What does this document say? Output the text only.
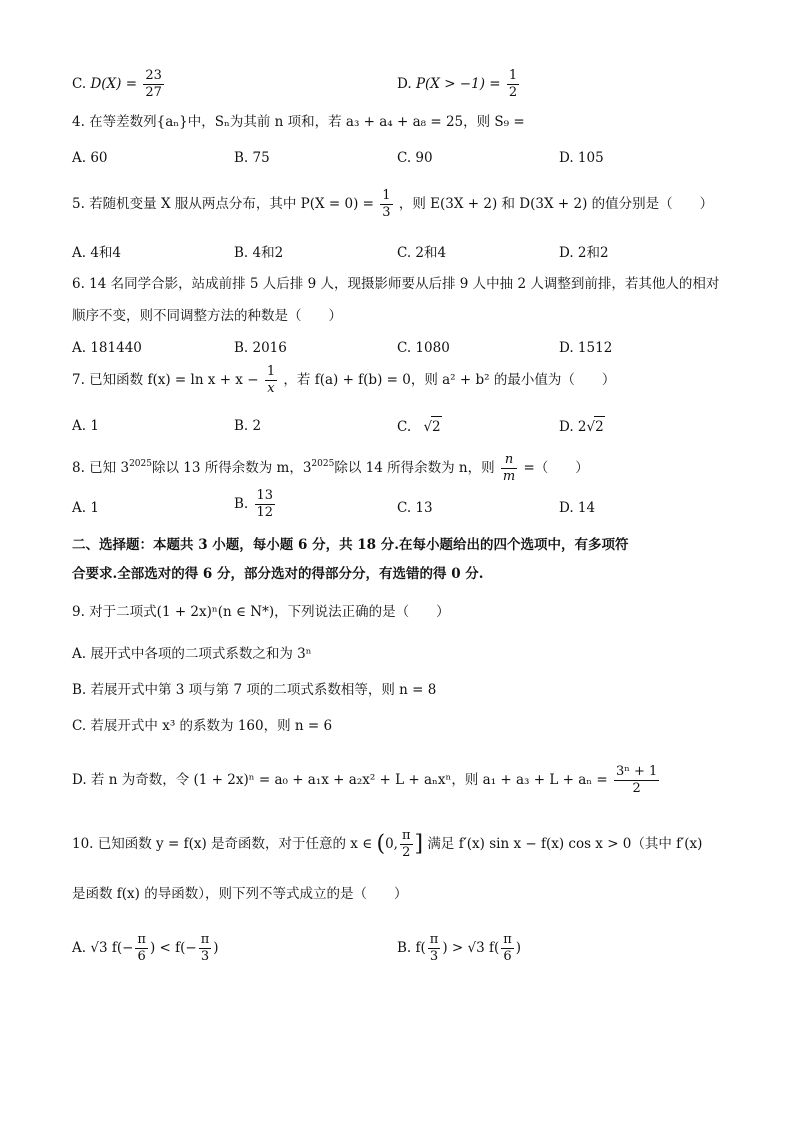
C. $D(X) = \frac{23}{27}$	D. $P(X > -1) = \frac{1}{2}$
4. 在等差数列{aₙ}中，Sₙ为其前 n 项和，若 a₃ + a₄ + a₈ = 25，则 S₉ =
A. 60	B. 75	C. 90	D. 105
5. 若随机变量 X 服从两点分布，其中 $P(X = 0) = \frac{1}{3}$ ，则 E(3X + 2) 和 D(3X + 2) 的值分别是（　　）
A. 4和4	B. 4和2	C. 2和4	D. 2和2
6. 14 名同学合影，站成前排 5 人后排 9 人，现摄影师要从后排 9 人中抽 2 人调整到前排，若其他人的相对
顺序不变，则不同调整方法的种数是（　　）
A. 181440	B. 2016	C. 1080	D. 1512
7. 已知函数 $f(x) = \ln x + x - \frac{1}{x}$ ，若 f(a) + f(b) = 0，则 a² + b² 的最小值为（　　）
A. 1	B. 2	C. √2	D. 2√2
8. 已知 $3^{2025}$除以 13 所得余数为 m，$3^{2025}$除以 14 所得余数为 n，则 $\frac{n}{m}$ =（　　）
A. 1	B. $\frac{13}{12}$	C. 13	D. 14
二、选择题：本题共 3 小题，每小题 6 分，共 18 分.在每小题给出的四个选项中，有多项符
合要求.全部选对的得 6 分，部分选对的得部分分，有选错的得 0 分.
9. 对于二项式(1 + 2x)ⁿ(n ∈ N*)，下列说法正确的是（　　）
A. 展开式中各项的二项式系数之和为 3ⁿ
B. 若展开式中第 3 项与第 7 项的二项式系数相等，则 n = 8
C. 若展开式中 x³ 的系数为 160，则 n = 6
D. 若 n 为奇数，令 (1 + 2x)ⁿ = a₀ + a₁x + a₂x² + L + aₙxⁿ，则 $a_1 + a_3 + L + a_n = \frac{\text{3ⁿ + 1}}{2}$
10. 已知函数 y = f(x) 是奇函数，对于任意的 x ∈ (0, $\frac{\pi}{2}$ ] 满足 f′(x) sin x − f(x) cos x > 0（其中 f′(x)
是函数 f(x) 的导函数），则下列不等式成立的是（　　）
A. √3 $f(- \frac{\pi}{6}$ ) < $f(- \frac{\pi}{3}$ )	B. $f( \frac{\pi}{3}$ ) > √3 $f( \frac{\pi}{6}$ )
